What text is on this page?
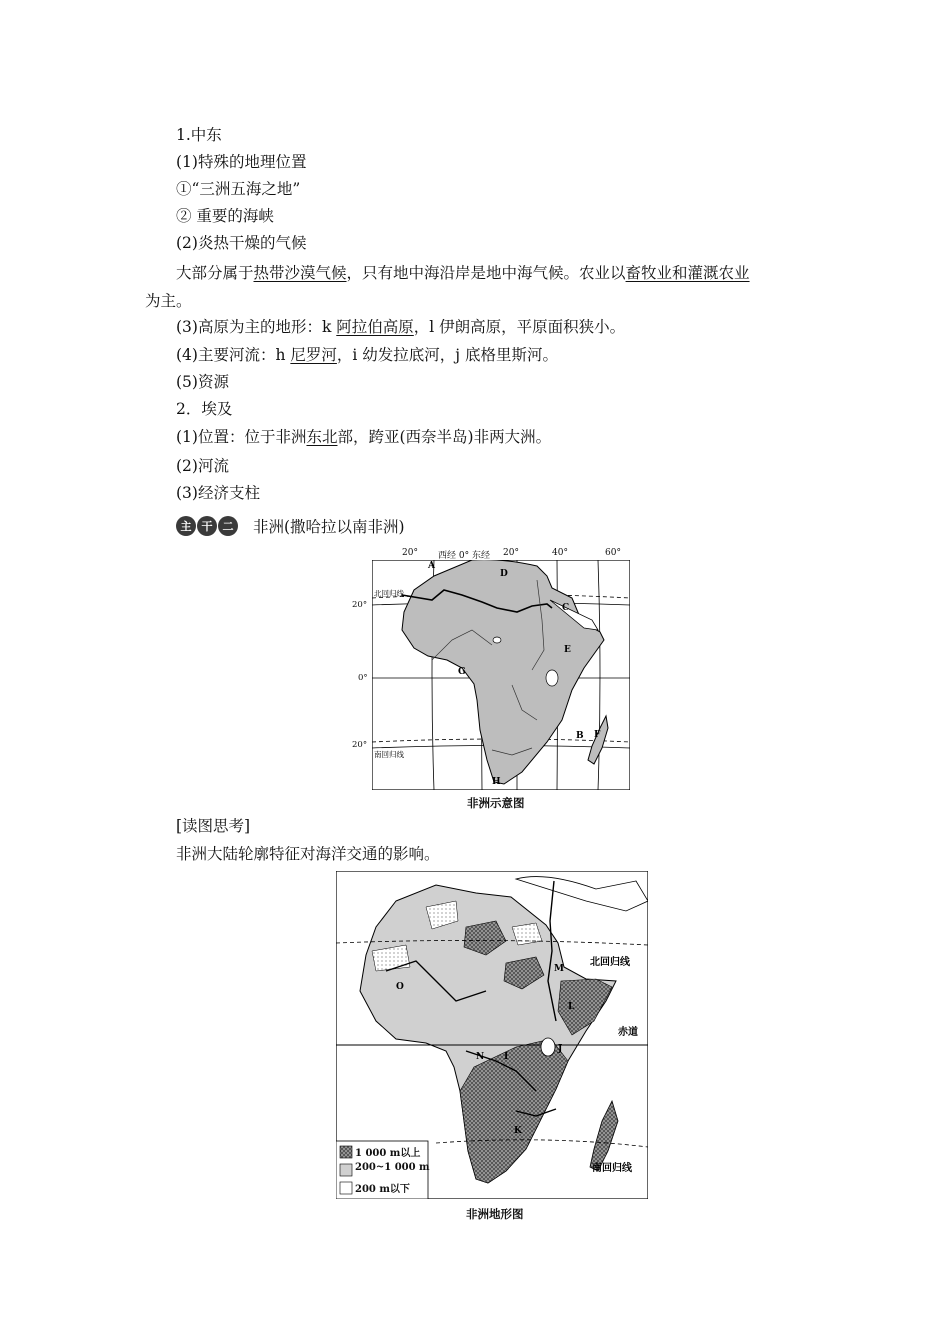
1.中东
(1)特殊的地理位置
①“三洲五海之地”
② 重要的海峡
(2)炎热干燥的气候
大部分属于热带沙漠气候，只有地中海沿岸是地中海气候。农业以畜牧业和灌溉农业
为主。
(3)高原为主的地形：k 阿拉伯高原，l 伊朗高原，平原面积狭小。
(4)主要河流：h 尼罗河，i 幼发拉底河，j 底格里斯河。
(5)资源
2．埃及
(1)位置：位于非洲东北部，跨亚(西奈半岛)非两大洲。
(2)河流
(3)经济支柱
主 干 二 非洲(撒哈拉以南非洲)
A
D
C
E
G
B F
H
北回归线
南回归线
20° 西经 0° 东经 20°	40°	60°
20°
0°
20°
非洲示意图
[读图思考]
非洲大陆轮廓特征对海洋交通的影响。
M
O
L
N I
J
K
北回归线
赤道
南回归线
1 000 m以上
200~1 000 m
200 m以下
非洲地形图
